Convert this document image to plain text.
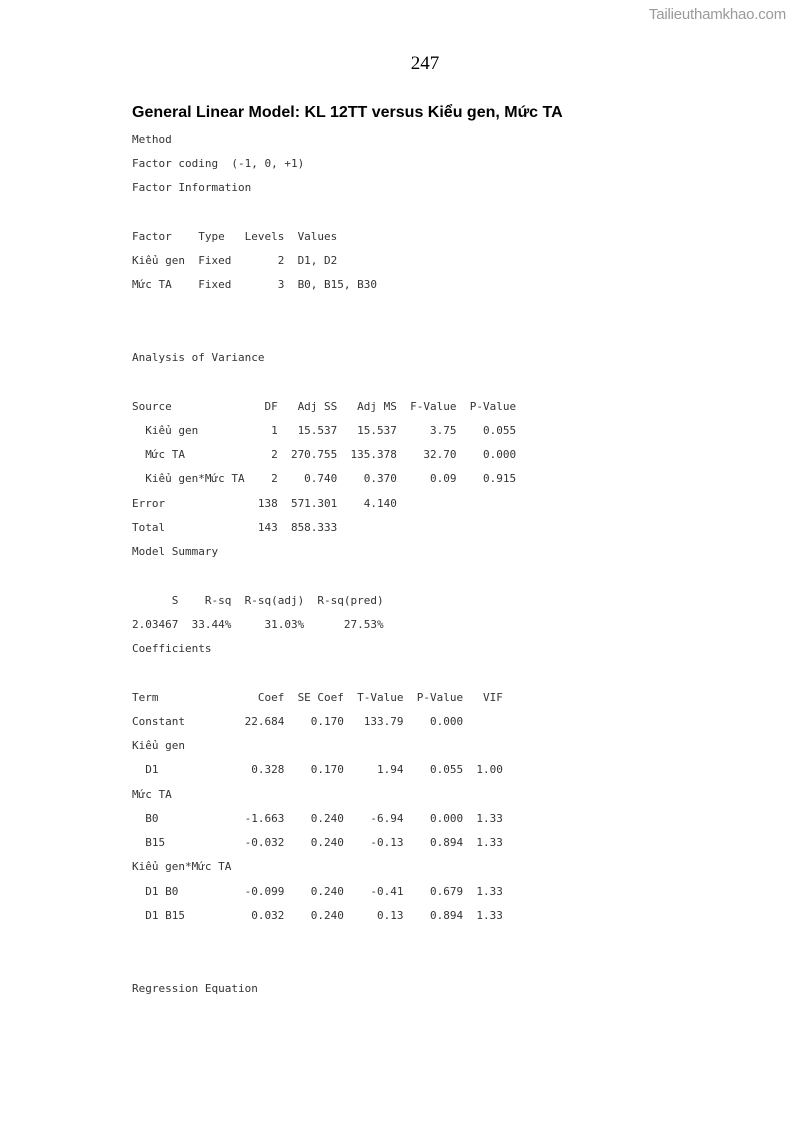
Tailieuthamkhao.com
247
General Linear Model: KL 12TT versus Kiểu gen, Mức TA
Method
Factor coding  (-1, 0, +1)
Factor Information
Factor    Type   Levels  Values
Kiểu gen  Fixed       2  D1, D2
Mức TA    Fixed       3  B0, B15, B30
Analysis of Variance
Source              DF   Adj SS   Adj MS  F-Value  P-Value
Kiểu gen           1   15.537   15.537     3.75    0.055
Mức TA             2  270.755  135.378    32.70    0.000
Kiểu gen*Mức TA    2    0.740    0.370     0.09    0.915
Error              138  571.301    4.140
Total              143  858.333
Model Summary
S    R-sq  R-sq(adj)  R-sq(pred)
2.03467  33.44%     31.03%      27.53%
Coefficients
Term               Coef  SE Coef  T-Value  P-Value   VIF
Constant         22.684    0.170   133.79    0.000
Kiểu gen
D1              0.328    0.170     1.94    0.055  1.00
Mức TA
B0             -1.663    0.240    -6.94    0.000  1.33
B15            -0.032    0.240    -0.13    0.894  1.33
Kiểu gen*Mức TA
D1 B0          -0.099    0.240    -0.41    0.679  1.33
D1 B15          0.032    0.240     0.13    0.894  1.33
Regression Equation
